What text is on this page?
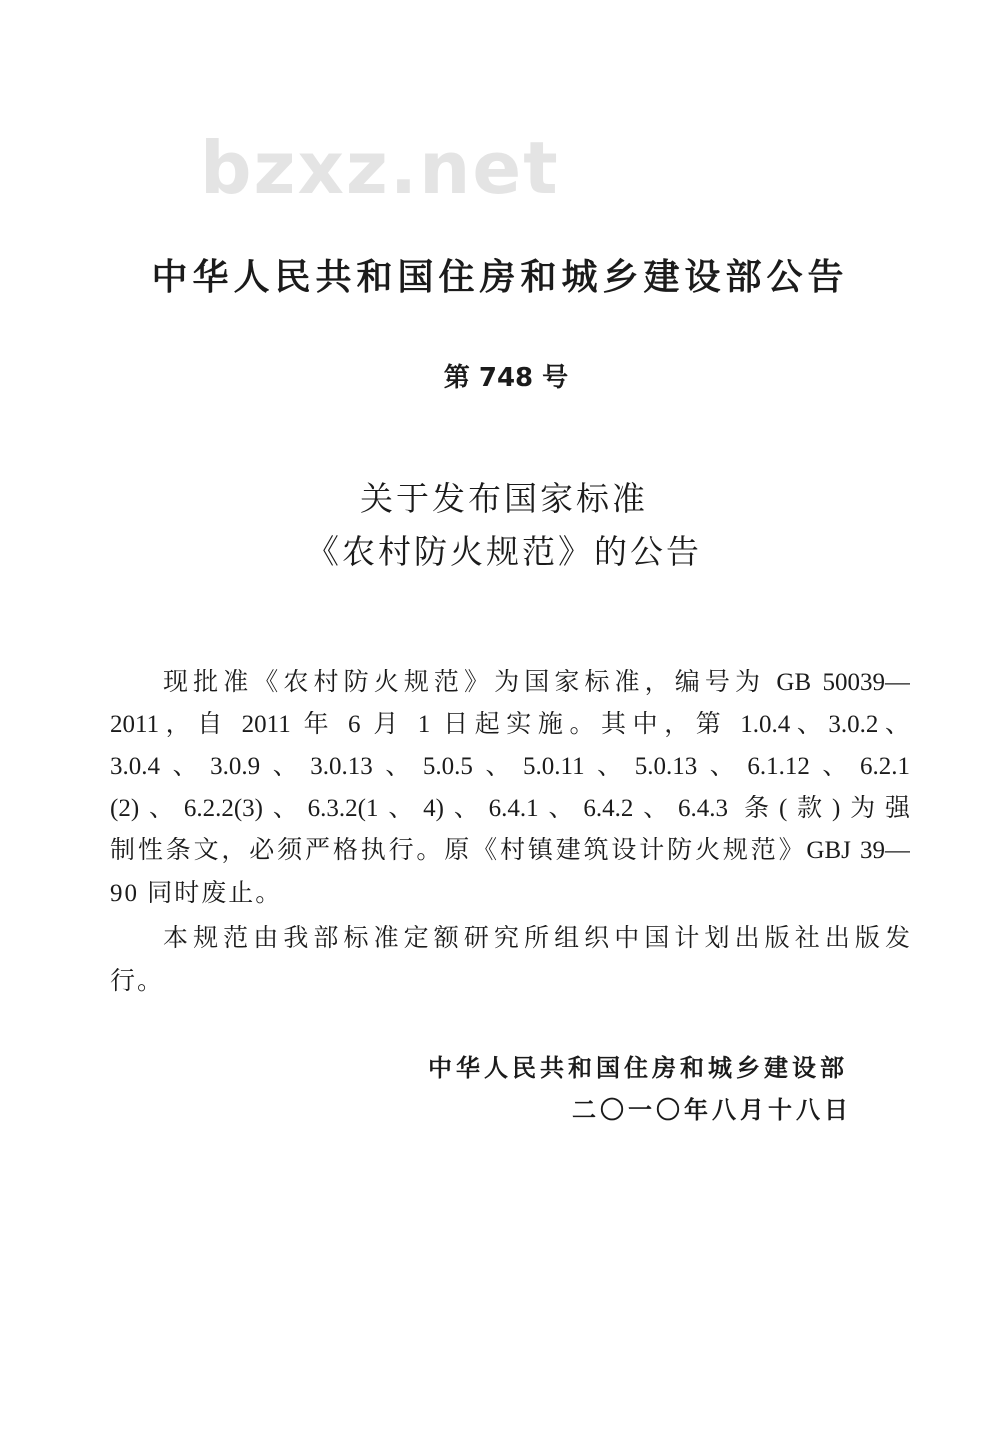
bzxz.net
中华人民共和国住房和城乡建设部公告
第 748 号
关于发布国家标准
《农村防火规范》的公告
现批准《农村防火规范》为国家标准，编号为 GB 50039—
2011，自 2011 年 6 月 1 日起实施。其中，第 1.0.4、3.0.2、
3.0.4、3.0.9、3.0.13、5.0.5、5.0.11、5.0.13、6.1.12、6.2.1
(2)、6.2.2(3)、6.3.2(1、4)、6.4.1、6.4.2、6.4.3 条(款)为强
制性条文，必须严格执行。原《村镇建筑设计防火规范》GBJ 39—
90 同时废止。
本规范由我部标准定额研究所组织中国计划出版社出版发
行。
中华人民共和国住房和城乡建设部
二〇一〇年八月十八日
